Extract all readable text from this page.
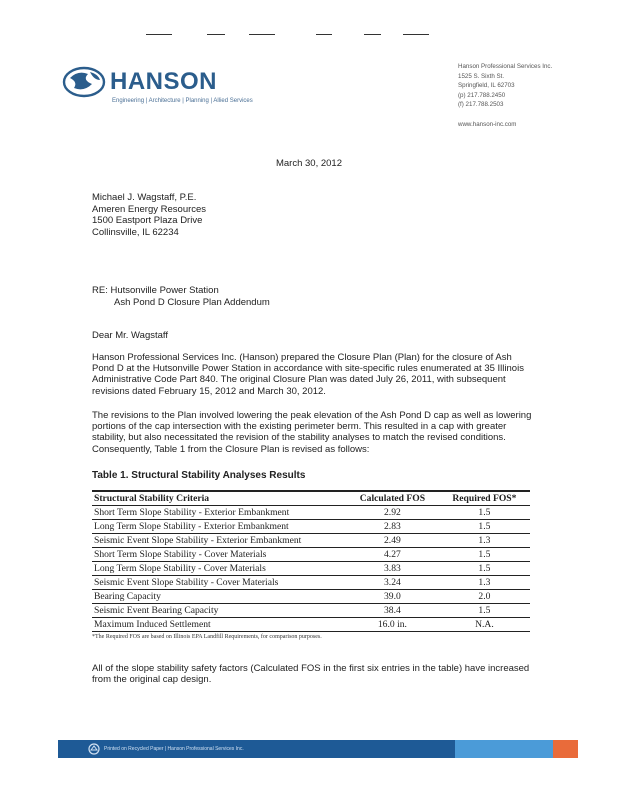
HANSON
Engineering | Architecture | Planning | Allied Services
Hanson Professional Services Inc.
1525 S. Sixth St.
Springfield, IL 62703
(p) 217.788.2450
(f) 217.788.2503

www.hanson-inc.com
March 30, 2012
Michael J. Wagstaff, P.E.
Ameren Energy Resources
1500 Eastport Plaza Drive
Collinsville, IL 62234
RE: Hutsonville Power Station
Ash Pond D Closure Plan Addendum
Dear Mr. Wagstaff
Hanson Professional Services Inc. (Hanson) prepared the Closure Plan (Plan) for the closure of Ash Pond D at the Hutsonville Power Station in accordance with site-specific rules enumerated at 35 Illinois Administrative Code Part 840. The original Closure Plan was dated July 26, 2011, with subsequent revisions dated February 15, 2012 and March 30, 2012.
The revisions to the Plan involved lowering the peak elevation of the Ash Pond D cap as well as lowering portions of the cap intersection with the existing perimeter berm. This resulted in a cap with greater stability, but also necessitated the revision of the stability analyses to match the revised conditions. Consequently, Table 1 from the Closure Plan is revised as follows:
Table 1. Structural Stability Analyses Results
Structural Stability Criteria	Calculated FOS	Required FOS*
Short Term Slope Stability - Exterior Embankment	2.92	1.5
Long Term Slope Stability - Exterior Embankment	2.83	1.5
Seismic Event Slope Stability - Exterior Embankment	2.49	1.3
Short Term Slope Stability - Cover Materials	4.27	1.5
Long Term Slope Stability - Cover Materials	3.83	1.5
Seismic Event Slope Stability - Cover Materials	3.24	1.3
Bearing Capacity	39.0	2.0
Seismic Event Bearing Capacity	38.4	1.5
Maximum Induced Settlement	16.0 in.	N.A.
*The Required FOS are based on Illinois EPA Landfill Requirements, for comparison purposes.
All of the slope stability safety factors (Calculated FOS in the first six entries in the table) have increased from the original cap design.
Printed on Recycled Paper | Hanson Professional Services Inc.
